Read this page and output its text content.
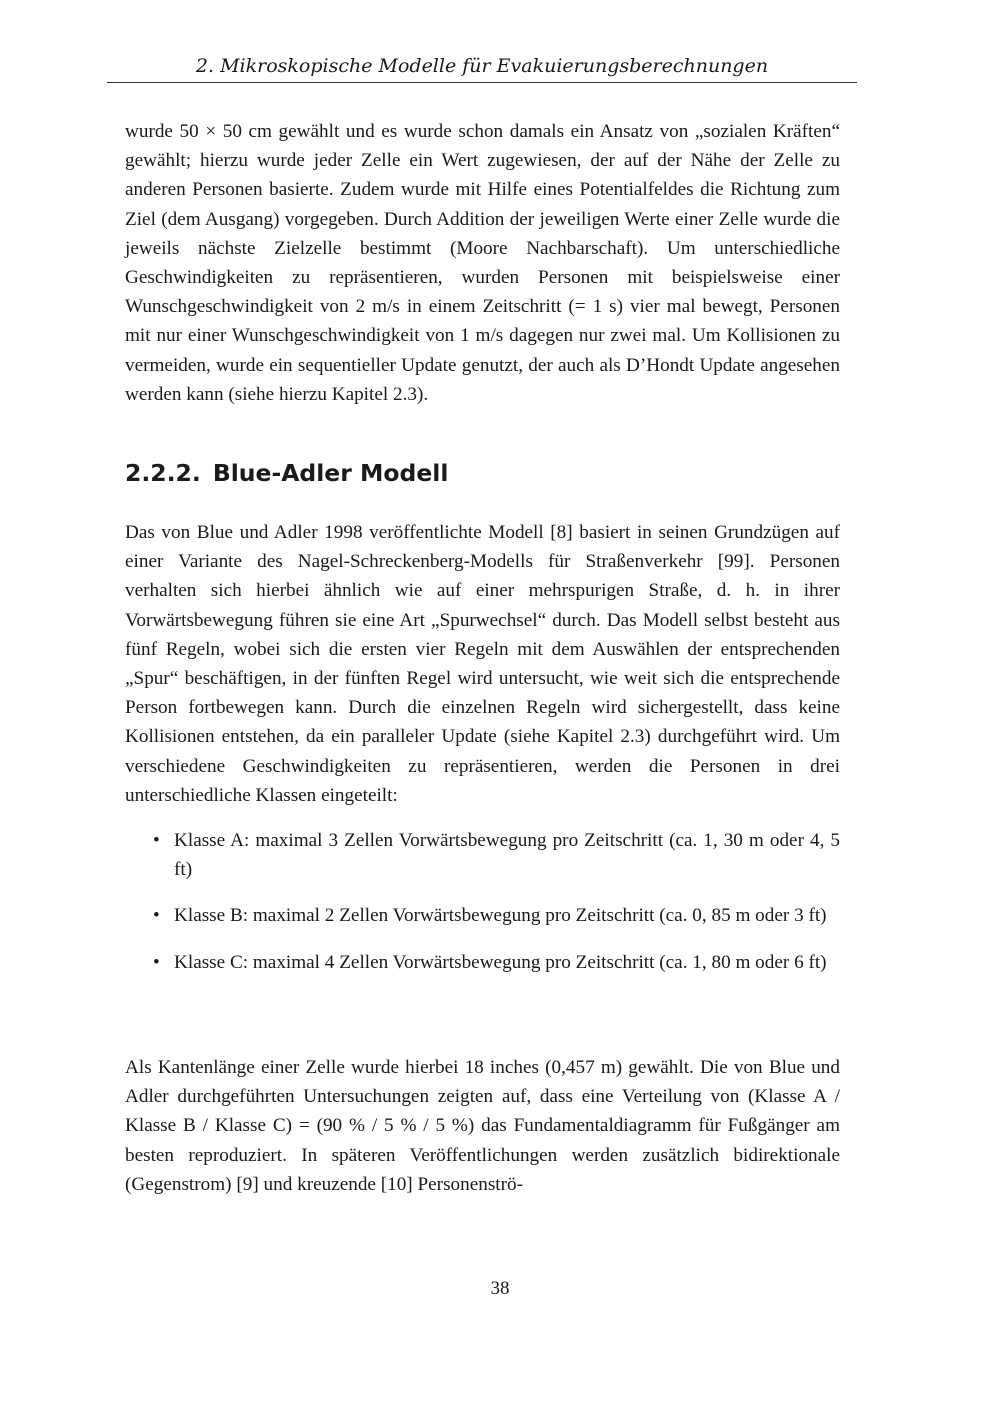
2. Mikroskopische Modelle für Evakuierungsberechnungen
wurde 50 × 50 cm gewählt und es wurde schon damals ein Ansatz von „sozialen Kräften“ gewählt; hierzu wurde jeder Zelle ein Wert zugewiesen, der auf der Nähe der Zelle zu anderen Personen basierte. Zudem wurde mit Hilfe eines Potentialfeldes die Richtung zum Ziel (dem Ausgang) vorgegeben. Durch Addition der jeweiligen Werte einer Zelle wurde die jeweils nächste Zielzelle bestimmt (Moore Nachbarschaft). Um unterschiedliche Geschwindigkeiten zu repräsentieren, wurden Personen mit beispielsweise einer Wunschgeschwindigkeit von 2 m/s in einem Zeitschritt (= 1 s) vier mal bewegt, Personen mit nur einer Wunschgeschwindigkeit von 1 m/s dagegen nur zwei mal. Um Kollisionen zu vermeiden, wurde ein sequentieller Update genutzt, der auch als D’Hondt Update angesehen werden kann (siehe hierzu Kapitel 2.3).
2.2.2. Blue-Adler Modell
Das von Blue und Adler 1998 veröffentlichte Modell [8] basiert in seinen Grundzügen auf einer Variante des Nagel-Schreckenberg-Modells für Straßenverkehr [99]. Personen verhalten sich hierbei ähnlich wie auf einer mehrspurigen Straße, d. h. in ihrer Vorwärtsbewegung führen sie eine Art „Spurwechsel“ durch. Das Modell selbst besteht aus fünf Regeln, wobei sich die ersten vier Regeln mit dem Auswählen der entsprechenden „Spur“ beschäftigen, in der fünften Regel wird untersucht, wie weit sich die entsprechende Person fortbewegen kann. Durch die einzelnen Regeln wird sichergestellt, dass keine Kollisionen entstehen, da ein paralleler Update (siehe Kapitel 2.3) durchgeführt wird. Um verschiedene Geschwindigkeiten zu repräsentieren, werden die Personen in drei unterschiedliche Klassen eingeteilt:
• Klasse A: maximal 3 Zellen Vorwärtsbewegung pro Zeitschritt (ca. 1, 30 m oder 4, 5 ft)
• Klasse B: maximal 2 Zellen Vorwärtsbewegung pro Zeitschritt (ca. 0, 85 m oder 3 ft)
• Klasse C: maximal 4 Zellen Vorwärtsbewegung pro Zeitschritt (ca. 1, 80 m oder 6 ft)
Als Kantenlänge einer Zelle wurde hierbei 18 inches (0,457 m) gewählt. Die von Blue und Adler durchgeführten Untersuchungen zeigten auf, dass eine Verteilung von (Klasse A / Klasse B / Klasse C) = (90 % / 5 % / 5 %) das Fundamentaldiagramm für Fußgänger am besten reproduziert. In späteren Veröffentlichungen werden zusätzlich bidirektionale (Gegenstrom) [9] und kreuzende [10] Personenströ-
38
